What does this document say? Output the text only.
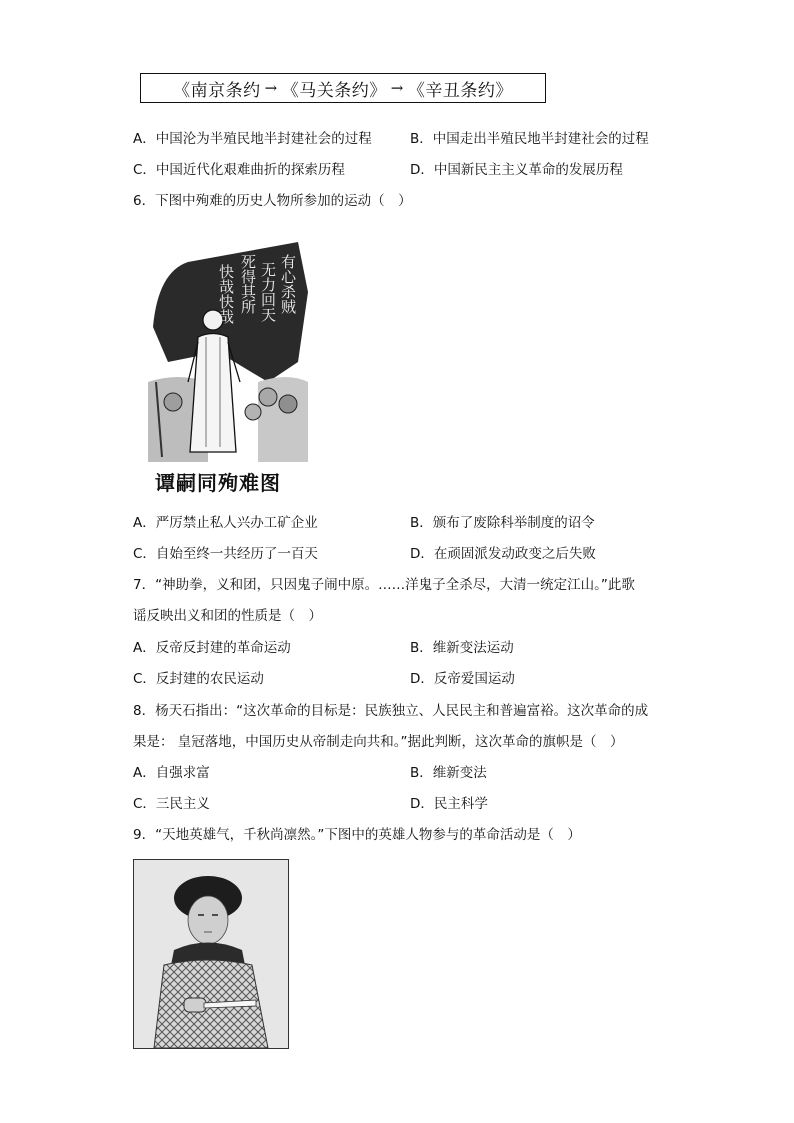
《南京条约 → 《马关条约》 → 《辛丑条约》
A．中国沦为半殖民地半封建社会的过程	B．中国走出半殖民地半封建社会的过程
C．中国近代化艰难曲折的探索历程	D．中国新民主主义革命的发展历程
6．下图中殉难的历史人物所参加的运动（　）
有心杀贼
无力回天
死得其所
快哉快哉
谭嗣同殉难图
A．严厉禁止私人兴办工矿企业	B．颁布了废除科举制度的诏令
C．自始至终一共经历了一百天	D．在顽固派发动政变之后失败
7．“神助拳，义和团，只因鬼子闹中原。……洋鬼子全杀尽，大清一统定江山。”此歌
谣反映出义和团的性质是（　）
A．反帝反封建的革命运动	B．维新变法运动
C．反封建的农民运动	D．反帝爱国运动
8．杨天石指出：“这次革命的目标是：民族独立、人民民主和普遍富裕。这次革命的成
果是： 皇冠落地，中国历史从帝制走向共和。”据此判断，这次革命的旗帜是（　）
A．自强求富	B．维新变法
C．三民主义	D．民主科学
9．“天地英雄气，千秋尚凛然。”下图中的英雄人物参与的革命活动是（　）
